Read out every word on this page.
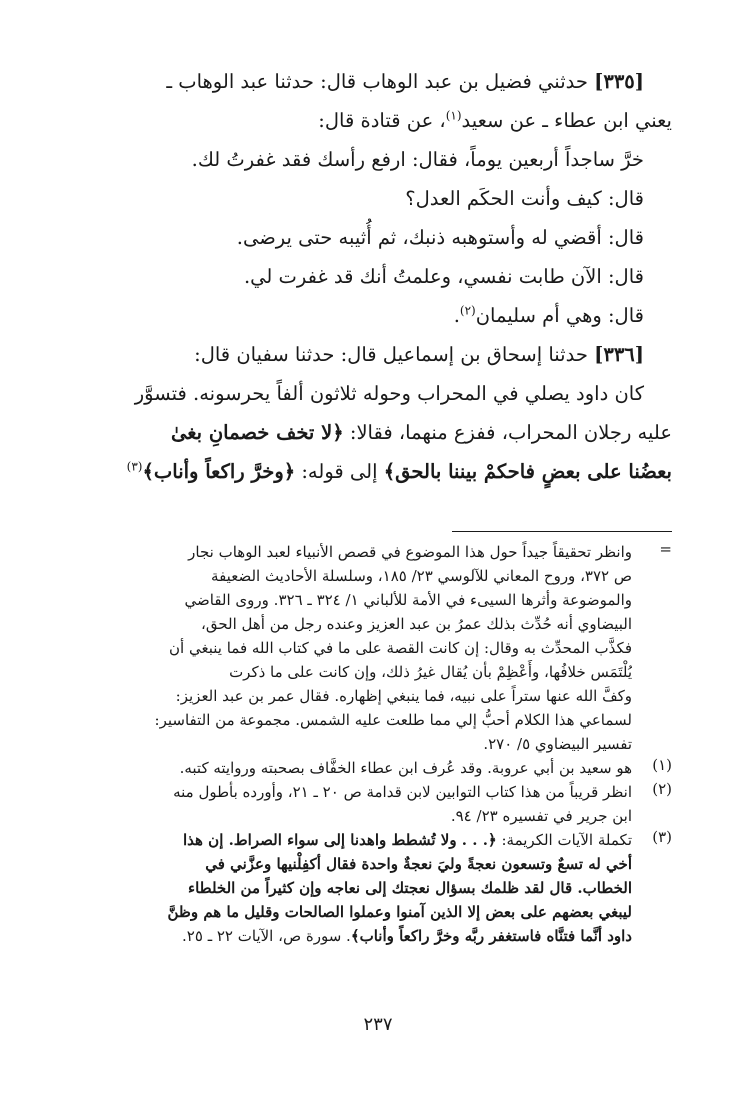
[٣٣٥] حدثني فضيل بن عبد الوهاب قال: حدثنا عبد الوهاب ـ
يعني ابن عطاء ـ عن سعيد$^{(١)}$، عن قتادة قال:
خرَّ ساجداً أربعين يوماً، فقال: ارفع رأسك فقد غفرتُ لك.
قال: كيف وأنت الحكَم العدل؟
قال: أقضي له وأستوهبه ذنبك، ثم أُثيبه حتى يرضى.
قال: الآن طابت نفسي، وعلمتُ أنك قد غفرت لي.
قال: وهي أم سليمان$^{(٢)}$.
[٣٣٦] حدثنا إسحاق بن إسماعيل قال: حدثنا سفيان قال:
كان داود يصلي في المحراب وحوله ثلاثون ألفاً يحرسونه. فتسوَّر
عليه رجلان المحراب، ففزع منهما، فقالا: ﴿لا تخف خصمانِ بغىٰ
بعضُنا على بعضٍ فاحكمْ بيننا بالحق﴾ إلى قوله: ﴿وخرَّ راكعاً وأناب﴾$^{(٣)}$
=
وانظر تحقيقاً جيداً حول هذا الموضوع في قصص الأنبياء لعبد الوهاب نجار
ص ٣٧٢، وروح المعاني للآلوسي ٢٣/ ١٨٥، وسلسلة الأحاديث الضعيفة
والموضوعة وأثرها السيىء في الأمة للألباني ١/ ٣٢٤ ـ ٣٢٦. وروى القاضي
البيضاوي أنه حُدِّث بذلك عمرُ بن عبد العزيز وعنده رجل من أهل الحق،
فكذَّب المحدِّث به وقال: إن كانت القصة على ما في كتاب الله فما ينبغي أن
يُلْتَمَس خلافُها، وأَعْظِمْ بأن يُقال غيرُ ذلك، وإن كانت على ما ذكرت
وكفَّ الله عنها ستراً على نبيه، فما ينبغي إظهاره. فقال عمر بن عبد العزيز:
لسماعي هذا الكلام أحبُّ إلي مما طلعت عليه الشمس. مجموعة من التفاسير:
تفسير البيضاوي ٥/ ٢٧٠.
(١)
هو سعيد بن أبي عروبة. وقد عُرف ابن عطاء الخفَّاف بصحبته وروايته كتبه.
(٢)
انظر قريباً من هذا كتاب التوابين لابن قدامة ص ٢٠ ـ ٢١، وأورده بأطول منه
ابن جرير في تفسيره ٢٣/ ٩٤.
(٣)
تكملة الآيات الكريمة: ﴿. . . ولا تُشطط واهدنا إلى سواء الصراط. إن هذا
أخي له تسعٌ وتسعون نعجةً وليَ نعجةٌ واحدة فقال أكفِلْنيها وعزَّني في
الخطاب. قال لقد ظلمك بسؤال نعجتك إلى نعاجه وإن كثيراً من الخلطاء
ليبغي بعضهم على بعض إلا الذين آمنوا وعملوا الصالحات وقليل ما هم وظنَّ
داود أنَّما فتنَّاه فاستغفر ربَّه وخرَّ راكعاً وأناب﴾. سورة ص، الآيات ٢٢ ـ ٢٥.
٢٣٧
